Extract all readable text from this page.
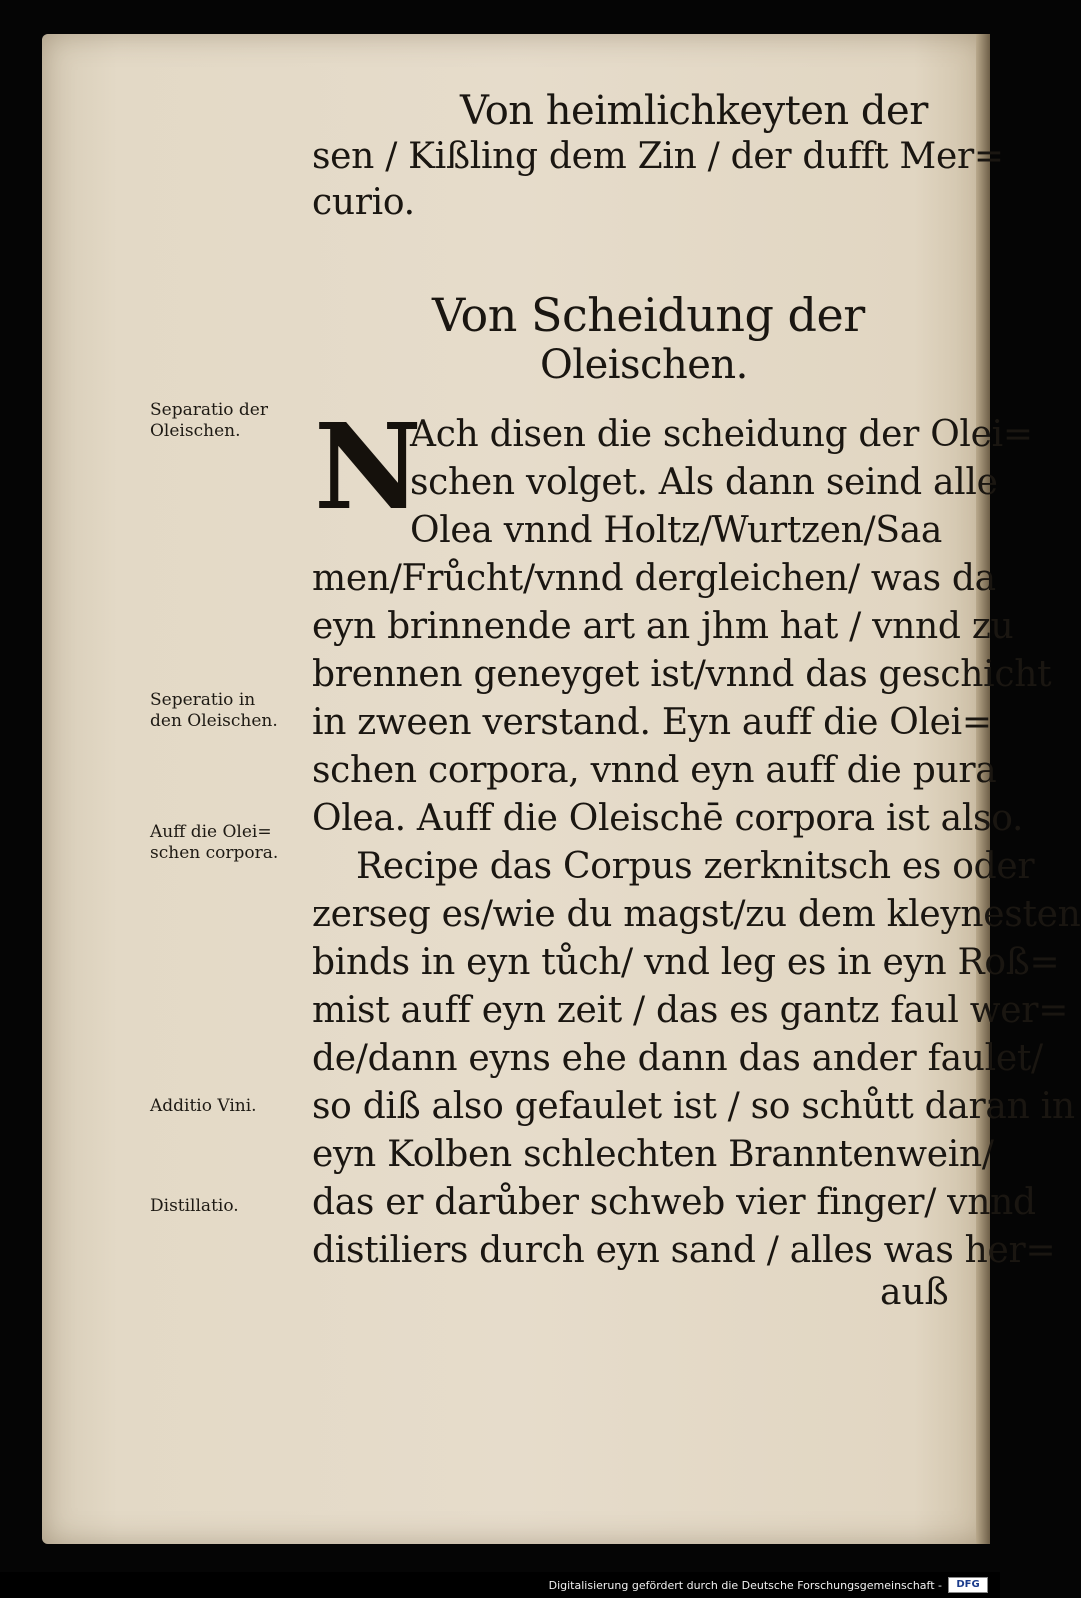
Von heimlichkeyten der
sen / Kißling dem Zin / der dufft Mer=
curio.
Von Scheidung der
Oleischen.
N
Ach disen die scheidung der Olei=
schen volget. Als dann seind alle
Olea vnnd Holtz/Wurtzen/Saa
men/Frůcht/vnnd dergleichen/ was da
eyn brinnende art an jhm hat / vnnd zu
brennen geneyget ist/vnnd das geschicht
in zween verstand. Eyn auff die Olei=
schen corpora, vnnd eyn auff die pura
Olea. Auff die Oleischē corpora ist also.
Recipe das Corpus zerknitsch es oder
zerseg es/wie du magst/zu dem kleynesten
binds in eyn tůch/ vnd leg es in eyn Roß=
mist auff eyn zeit / das es gantz faul wer=
de/dann eyns ehe dann das ander faulet/
so diß also gefaulet ist / so schůtt daran in
eyn Kolben schlechten Branntenwein/
das er darůber schweb vier finger/ vnnd
distiliers durch eyn sand / alles was her=
auß
Separatio der
Oleischen.
Seperatio in
den Oleischen.
Auff die Olei=
schen corpora.
Additio Vini.
Distillatio.
Digitalisierung gefördert durch die Deutsche Forschungsgemeinschaft -	DFG
